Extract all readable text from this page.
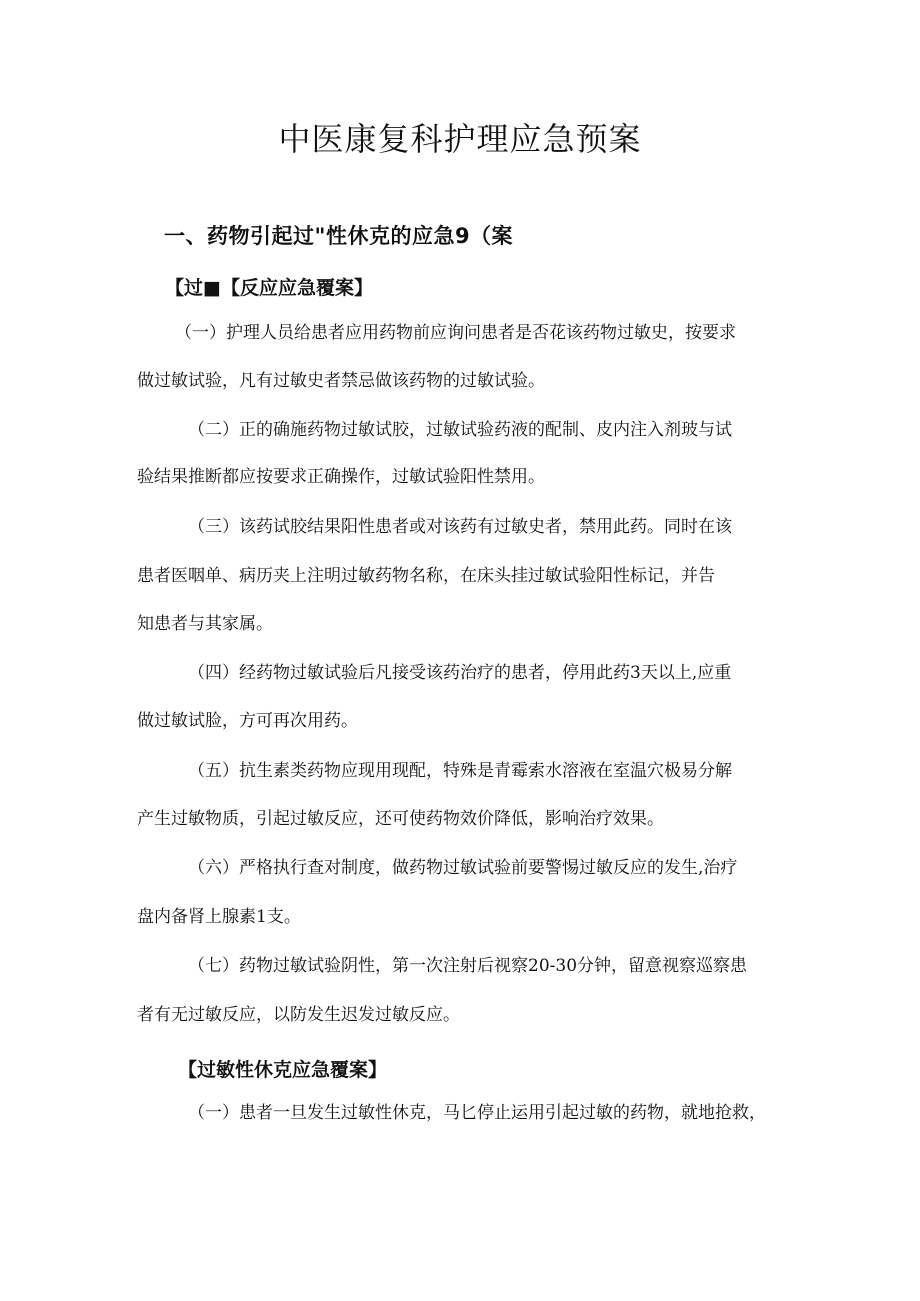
中医康复科护理应急预案
一、药物引起过"性休克的应急9（案
【过■【反应应急覆案】
【过敏性休克应急覆案】
（一）护理人员给患者应用药物前应询问患者是否花该药物过敏史，按要求
做过敏试验，凡有过敏史者禁忌做该药物的过敏试验。
（二）正的确施药物过敏试胶，过敏试验药液的配制、皮内注入剂玻与试
验结果推断都应按要求正确操作，过敏试验阳性禁用。
（三）该药试胶结果阳性患者或对该药有过敏史者，禁用此药。同时在该
患者医咽单、病历夹上注明过敏药物名称，在床头挂过敏试验阳性标记，并告
知患者与其家属。
（四）经药物过敏试验后凡接受该药治疗的患者，停用此药3天以上,应重
做过敏试脸，方可再次用药。
（五）抗生素类药物应现用现配，特殊是青霉索水溶液在室温穴极易分解
产生过敏物质，引起过敏反应，还可使药物效价降低，影响治疗效果。
（六）严格执行查对制度，做药物过敏试验前要警惕过敏反应的发生,治疗
盘内备肾上腺素1支。
（七）药物过敏试验阴性，第一次注射后视察20-30分钟，留意视察巡察患
者有无过敏反应，以防发生迟发过敏反应。
（一）患者一旦发生过敏性休克，马匕停止运用引起过敏的药物，就地抢救，
